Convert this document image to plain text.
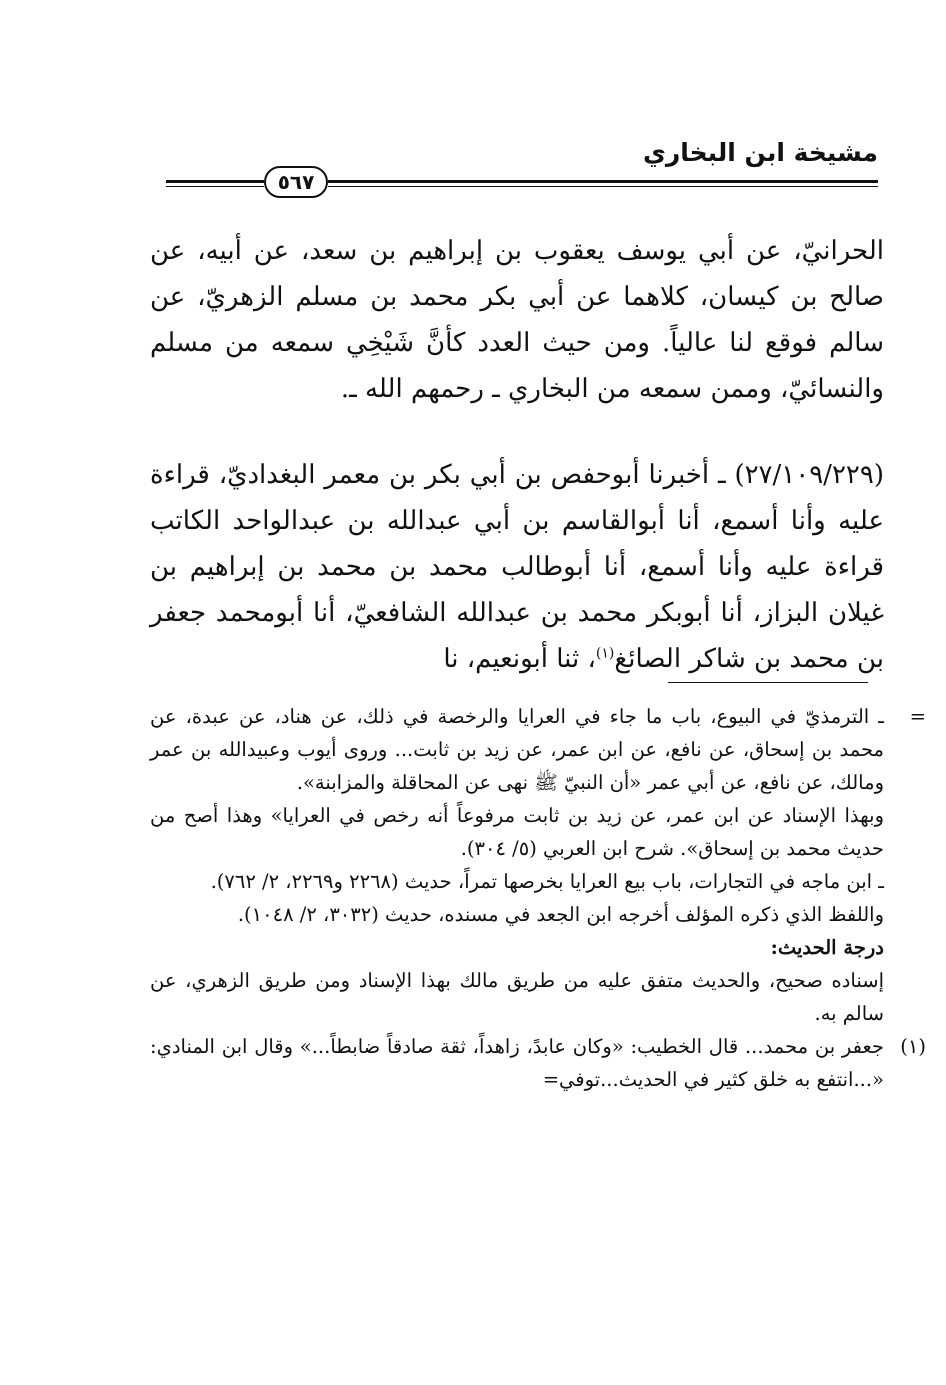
مشيخة ابن البخاري
٥٦٧

الحرانيّ، عن أبي يوسف يعقوب بن إبراهيم بن سعد، عن أبيه، عن صالح بن كيسان، كلاهما عن أبي بكر محمد بن مسلم الزهريّ، عن سالم فوقع لنا عالياً. ومن حيث العدد كأنَّ شَيْخِي سمعه من مسلم والنسائيّ، وممن سمعه من البخاري ـ رحمهم الله ـ.

(٢٧/١٠٩/٢٢٩) ـ أخبرنا أبوحفص بن أبي بكر بن معمر البغداديّ، قراءة عليه وأنا أسمع، أنا أبوالقاسم بن أبي عبدالله بن عبدالواحد الكاتب قراءة عليه وأنا أسمع، أنا أبوطالب محمد بن محمد بن إبراهيم بن غيلان البزاز، أنا أبوبكر محمد بن عبدالله الشافعيّ، أنا أبومحمد جعفر بن محمد بن شاكر الصائغ$^{(١)}$، ثنا أبونعيم، نا

=
ـ الترمذيّ في البيوع، باب ما جاء في العرايا والرخصة في ذلك، عن هناد، عن عبدة، عن محمد بن إسحاق، عن نافع، عن ابن عمر، عن زيد بن ثابت... وروى أيوب وعبيدالله بن عمر ومالك، عن نافع، عن أبي عمر «أن النبيّ ﷺ نهى عن المحاقلة والمزابنة».

وبهذا الإسناد عن ابن عمر، عن زيد بن ثابت مرفوعاً أنه رخص في العرايا» وهذا أصح من حديث محمد بن إسحاق». شرح ابن العربي (٥/ ٣٠٤).

ـ ابن ماجه في التجارات، باب بيع العرايا بخرصها تمراً، حديث (٢٢٦٨ و٢٢٦٩، ٢/ ٧٦٢).

واللفظ الذي ذكره المؤلف أخرجه ابن الجعد في مسنده، حديث (٣٠٣٢، ٢/ ١٠٤٨).

درجة الحديث:

إسناده صحيح، والحديث متفق عليه من طريق مالك بهذا الإسناد ومن طريق الزهري، عن سالم به.

(١)
جعفر بن محمد... قال الخطيب: «وكان عابدً، زاهداً، ثقة صادقاً ضابطاً...» وقال ابن المنادي: «...انتفع به خلق كثير في الحديث...توفي=
